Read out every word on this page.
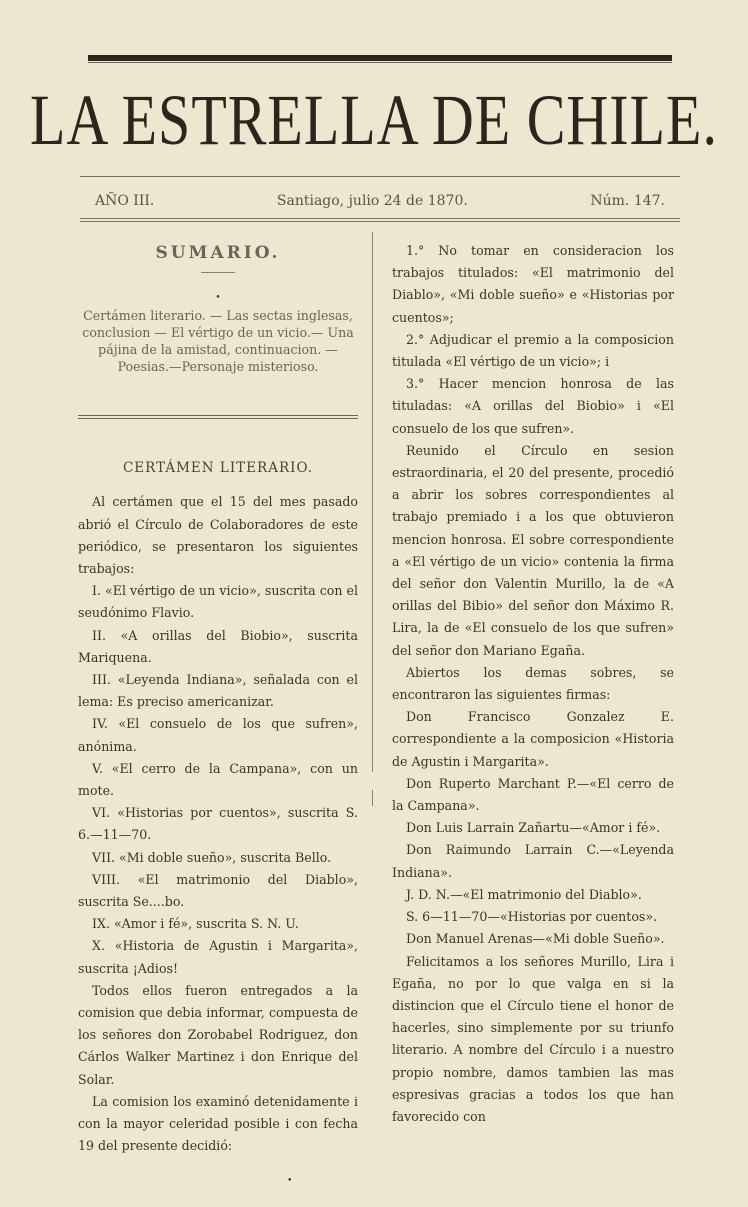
LA ESTRELLA DE CHILE.
AÑO III.	Santiago, julio 24 de 1870.	Núm. 147.
SUMARIO.
•
Certámen literario. — Las sectas inglesas, conclusion — El vértigo de un vicio.— Una pájina de la amistad, continuacion. —Poesias.—Personaje misterioso.
CERTÁMEN LITERARIO.

Al certámen que el 15 del mes pasado abrió el Círculo de Colaboradores de este periódico, se presentaron los siguientes trabajos:

I. «El vértigo de un vicio», suscrita con el seudónimo Flavio.

II. «A orillas del Biobio», suscrita Mariquena.

III. «Leyenda Indiana», señalada con el lema: Es preciso americanizar.

IV. «El consuelo de los que sufren», anónima.

V. «El cerro de la Campana», con un mote.

VI. «Historias por cuentos», suscrita S. 6.—11—70.

VII. «Mi doble sueño», suscrita Bello.

VIII. «El matrimonio del Diablo», suscrita Se....bo.

IX. «Amor i fé», suscrita S. N. U.

X. «Historia de Agustin i Margarita», suscrita ¡Adios!

Todos ellos fueron entregados a la comision que debia informar, compuesta de los señores don Zorobabel Rodriguez, don Cárlos Walker Martinez i don Enrique del Solar.

La comision los examinó detenidamente i con la mayor celeridad posible i con fecha 19 del presente decidió:

1.° No tomar en consideracion los trabajos titulados: «El matrimonio del Diablo», «Mi doble sueño» e «Historias por cuentos»;

2.° Adjudicar el premio a la composicion titulada «El vértigo de un vicio»; i

3.° Hacer mencion honrosa de las tituladas: «A orillas del Biobio» i «El consuelo de los que sufren».

Reunido el Círculo en sesion estraordinaria, el 20 del presente, procedió a abrir los sobres correspondientes al trabajo premiado i a los que obtuvieron mencion honrosa. El sobre correspondiente a «El vértigo de un vicio» contenia la firma del señor don Valentin Murillo, la de «A orillas del Bibio» del señor don Máximo R. Lira, la de «El consuelo de los que sufren» del señor don Mariano Egaña.

Abiertos los demas sobres, se encontraron las siguientes firmas:

Don Francisco Gonzalez E. correspondiente a la composicion «Historia de Agustin i Margarita».

Don Ruperto Marchant P.—«El cerro de la Campana».

Don Luis Larrain Zañartu—«Amor i fé».

Don Raimundo Larrain C.—«Leyenda Indiana».

J. D. N.—«El matrimonio del Diablo».

S. 6—11—70—«Historias por cuentos».

Don Manuel Arenas—«Mi doble Sueño».

Felicitamos a los señores Murillo, Lira i Egaña, no por lo que valga en si la distincion que el Círculo tiene el honor de hacerles, sino simplemente por su triunfo literario. A nombre del Círculo i a nuestro propio nombre, damos tambien las mas espresivas gracias a todos los que han favorecido con

•
